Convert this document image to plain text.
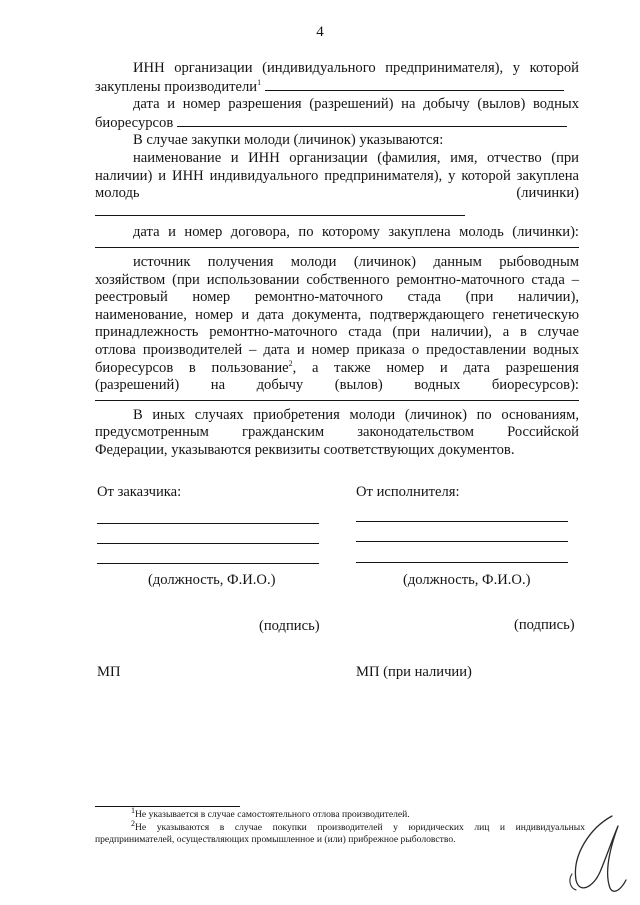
4

ИНН организации (индивидуального предпринимателя), у которой

закуплены производители$^1$

дата и номер разрешения (разрешений) на добычу (вылов) водных

биоресурсов

В случае закупки молоди (личинок) указываются:

наименование и ИНН организации (фамилия, имя, отчество (при

наличии) и ИНН индивидуального предпринимателя), у которой закуплена

молодь (личинки)

дата и номер договора, по которому закуплена молодь (личинки):

источник получения молоди (личинок) данным рыбоводным

хозяйством (при использовании собственного ремонтно-маточного стада –

реестровый номер ремонтно-маточного стада (при наличии),

наименование, номер и дата документа, подтверждающего генетическую

принадлежность ремонтно-маточного стада (при наличии), а в случае

отлова производителей – дата и номер приказа о предоставлении водных

биоресурсов в пользование$^2$, а также номер и дата разрешения

(разрешений) на добычу (вылов) водных биоресурсов):

В иных случаях приобретения молоди (личинок) по основаниям,

предусмотренным гражданским законодательством Российской

Федерации, указываются реквизиты соответствующих документов.

От заказчика:	От исполнителя:
(должность, Ф.И.О.)	(должность, Ф.И.О.)
(подпись)	(подпись)
МП	МП (при наличии)
$^1$Не указывается в случае самостоятельного отлова производителей.
$^2$Не указываются в случае покупки производителей у юридических лиц и индивидуальных
предпринимателей, осуществляющих промышленное и (или) прибрежное рыболовство.
